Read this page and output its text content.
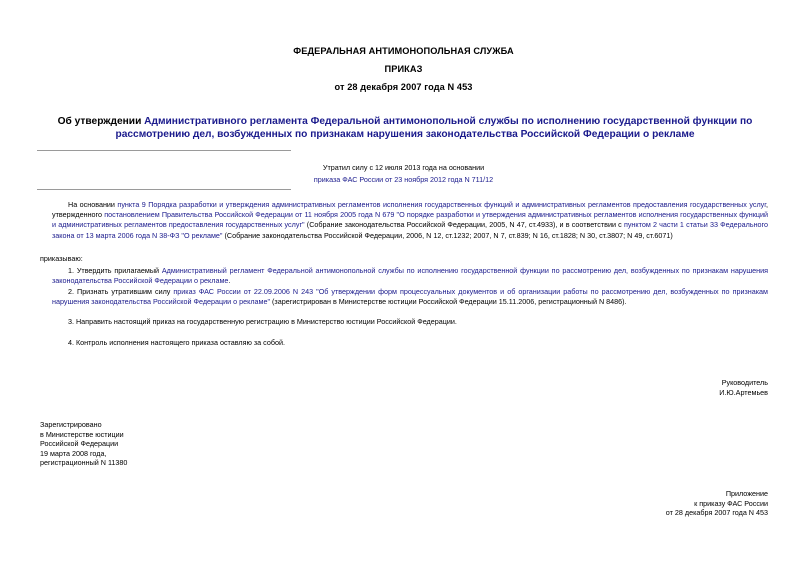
ФЕДЕРАЛЬНАЯ АНТИМОНОПОЛЬНАЯ СЛУЖБА
ПРИКАЗ
от 28 декабря 2007 года N 453
Об утверждении Административного регламента Федеральной антимонопольной службы по исполнению государственной функции по рассмотрению дел, возбужденных по признакам нарушения законодательства Российской Федерации о рекламе
Утратил силу с 12 июля 2013 года на основании
приказа ФАС России от 23 ноября 2012 года N 711/12
На основании пункта 9 Порядка разработки и утверждения административных регламентов исполнения государственных функций и административных регламентов предоставления государственных услуг, утвержденного постановлением Правительства Российской Федерации от 11 ноября 2005 года N 679 "О порядке разработки и утверждения административных регламентов исполнения государственных функций и административных регламентов предоставления государственных услуг" (Собрание законодательства Российской Федерации, 2005, N 47, ст.4933), и в соответствии с пунктом 2 части 1 статьи 33 Федерального закона от 13 марта 2006 года N 38-ФЗ "О рекламе" (Собрание законодательства Российской Федерации, 2006, N 12, ст.1232; 2007, N 7, ст.839; N 16, ст.1828; N 30, ст.3807; N 49, ст.6071)
приказываю:
1. Утвердить прилагаемый Административный регламент Федеральной антимонопольной службы по исполнению государственной функции по рассмотрению дел, возбужденных по признакам нарушения законодательства Российской Федерации о рекламе.
2. Признать утратившим силу приказ ФАС России от 22.09.2006 N 243 "Об утверждении форм процессуальных документов и об организации работы по рассмотрению дел, возбужденных по признакам нарушения законодательства Российской Федерации о рекламе" (зарегистрирован в Министерстве юстиции Российской Федерации 15.11.2006, регистрационный N 8486).
3. Направить настоящий приказ на государственную регистрацию в Министерство юстиции Российской Федерации.
4. Контроль исполнения настоящего приказа оставляю за собой.
Руководитель
И.Ю.Артемьев
Зарегистрировано
в Министерстве юстиции
Российской Федерации
19 марта 2008 года,
регистрационный N 11380
Приложение
к приказу ФАС России
от 28 декабря 2007 года N 453
